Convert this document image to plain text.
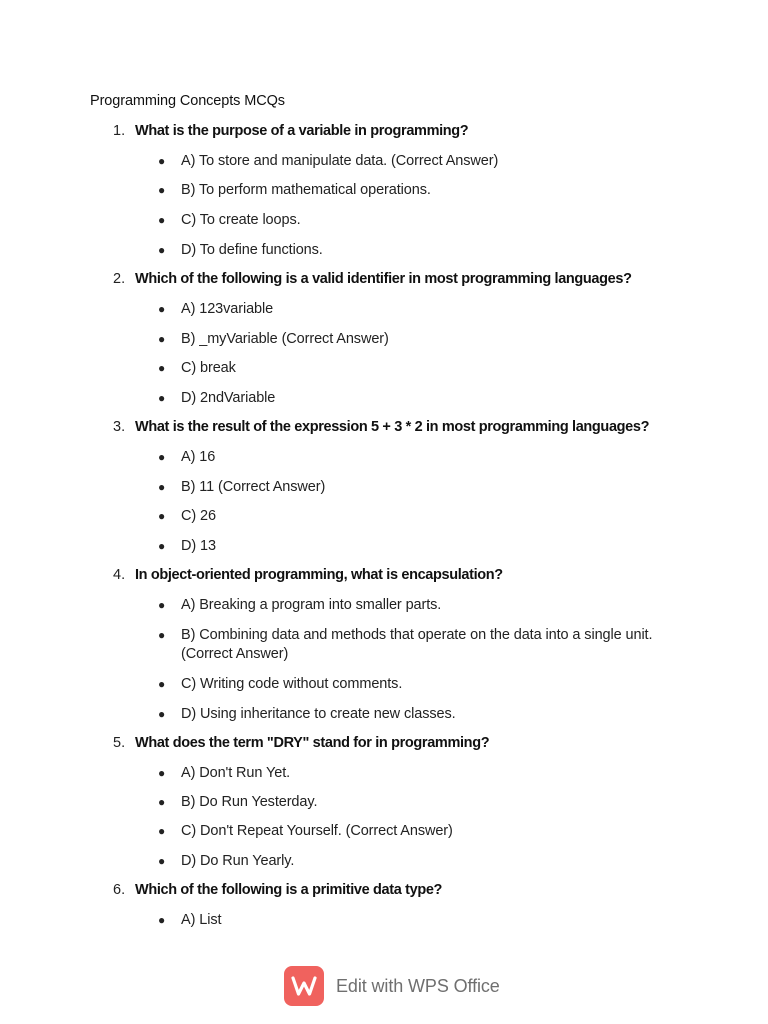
Programming Concepts MCQs
1. What is the purpose of a variable in programming?
● A) To store and manipulate data. (Correct Answer)
● B) To perform mathematical operations.
● C) To create loops.
● D) To define functions.
2. Which of the following is a valid identifier in most programming languages?
● A) 123variable
● B) _myVariable (Correct Answer)
● C) break
● D) 2ndVariable
3. What is the result of the expression 5 + 3 * 2 in most programming languages?
● A) 16
● B) 11 (Correct Answer)
● C) 26
● D) 13
4. In object-oriented programming, what is encapsulation?
● A) Breaking a program into smaller parts.
● B) Combining data and methods that operate on the data into a single unit. (Correct Answer)
● C) Writing code without comments.
● D) Using inheritance to create new classes.
5. What does the term "DRY" stand for in programming?
● A) Don't Run Yet.
● B) Do Run Yesterday.
● C) Don't Repeat Yourself. (Correct Answer)
● D) Do Run Yearly.
6. Which of the following is a primitive data type?
● A) List
Edit with WPS Office
